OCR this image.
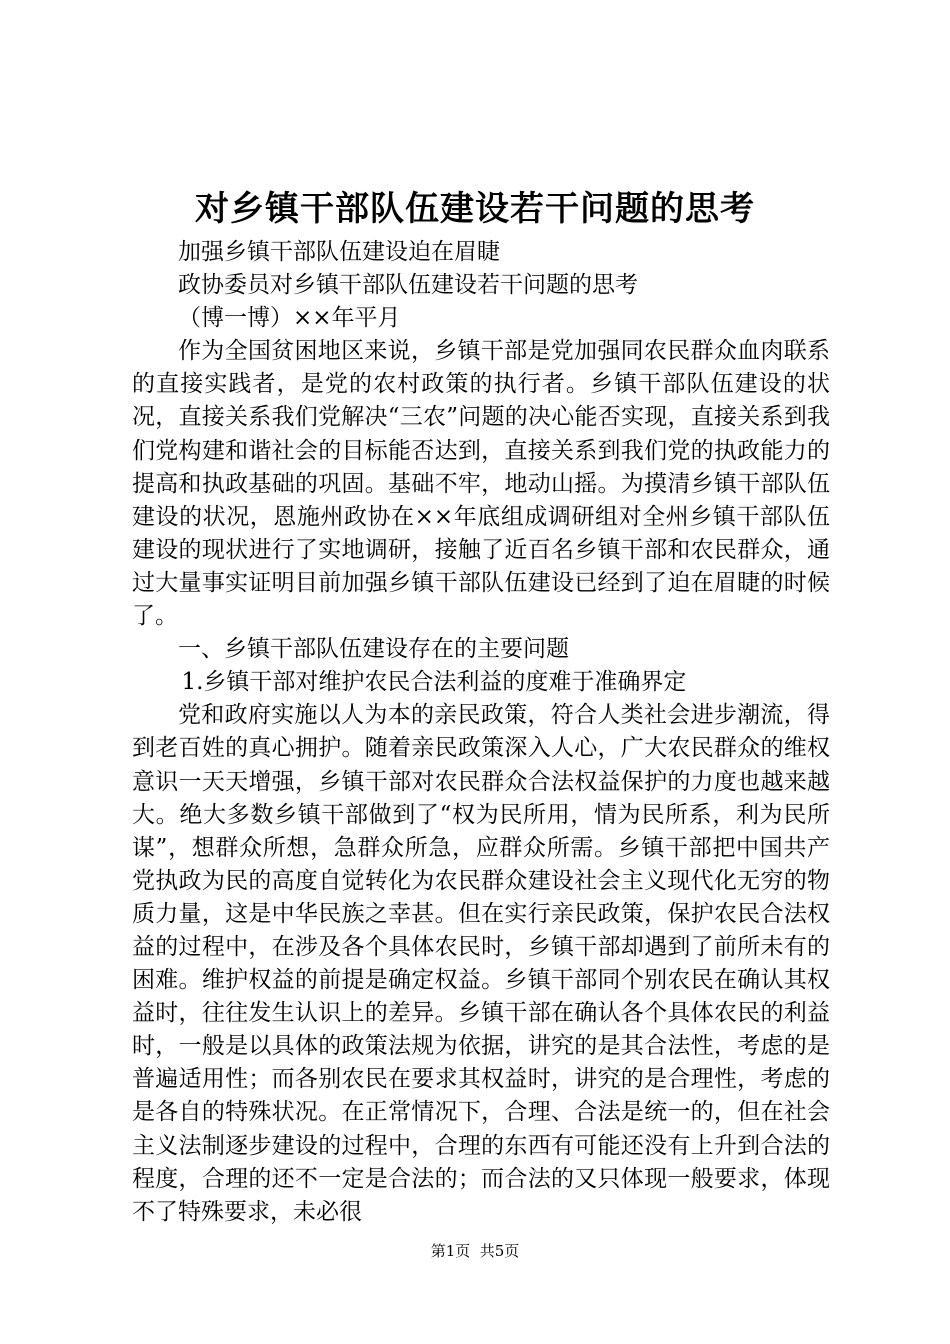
对乡镇干部队伍建设若干问题的思考

加强乡镇干部队伍建设迫在眉睫

政协委员对乡镇干部队伍建设若干问题的思考

（博一博）××年平月

作为全国贫困地区来说，乡镇干部是党加强同农民群众血肉联系的直接实践者，是党的农村政策的执行者。乡镇干部队伍建设的状况，直接关系我们党解决“三农”问题的决心能否实现，直接关系到我们党构建和谐社会的目标能否达到，直接关系到我们党的执政能力的提高和执政基础的巩固。基础不牢，地动山摇。为摸清乡镇干部队伍建设的状况，恩施州政协在××年底组成调研组对全州乡镇干部队伍建设的现状进行了实地调研，接触了近百名乡镇干部和农民群众，通过大量事实证明目前加强乡镇干部队伍建设已经到了迫在眉睫的时候了。

一、乡镇干部队伍建设存在的主要问题

1.乡镇干部对维护农民合法利益的度难于准确界定

党和政府实施以人为本的亲民政策，符合人类社会进步潮流，得到老百姓的真心拥护。随着亲民政策深入人心，广大农民群众的维权意识一天天增强，乡镇干部对农民群众合法权益保护的力度也越来越大。绝大多数乡镇干部做到了“权为民所用，情为民所系，利为民所谋”，想群众所想，急群众所急，应群众所需。乡镇干部把中国共产党执政为民的高度自觉转化为农民群众建设社会主义现代化无穷的物质力量，这是中华民族之幸甚。但在实行亲民政策，保护农民合法权益的过程中，在涉及各个具体农民时，乡镇干部却遇到了前所未有的困难。维护权益的前提是确定权益。乡镇干部同个别农民在确认其权益时，往往发生认识上的差异。乡镇干部在确认各个具体农民的利益时，一般是以具体的政策法规为依据，讲究的是其合法性，考虑的是普遍适用性；而各别农民在要求其权益时，讲究的是合理性，考虑的是各自的特殊状况。在正常情况下，合理、合法是统一的，但在社会主义法制逐步建设的过程中，合理的东西有可能还没有上升到合法的程度，合理的还不一定是合法的；而合法的又只体现一般要求，体现不了特殊要求，未必很

第1页  共5页
